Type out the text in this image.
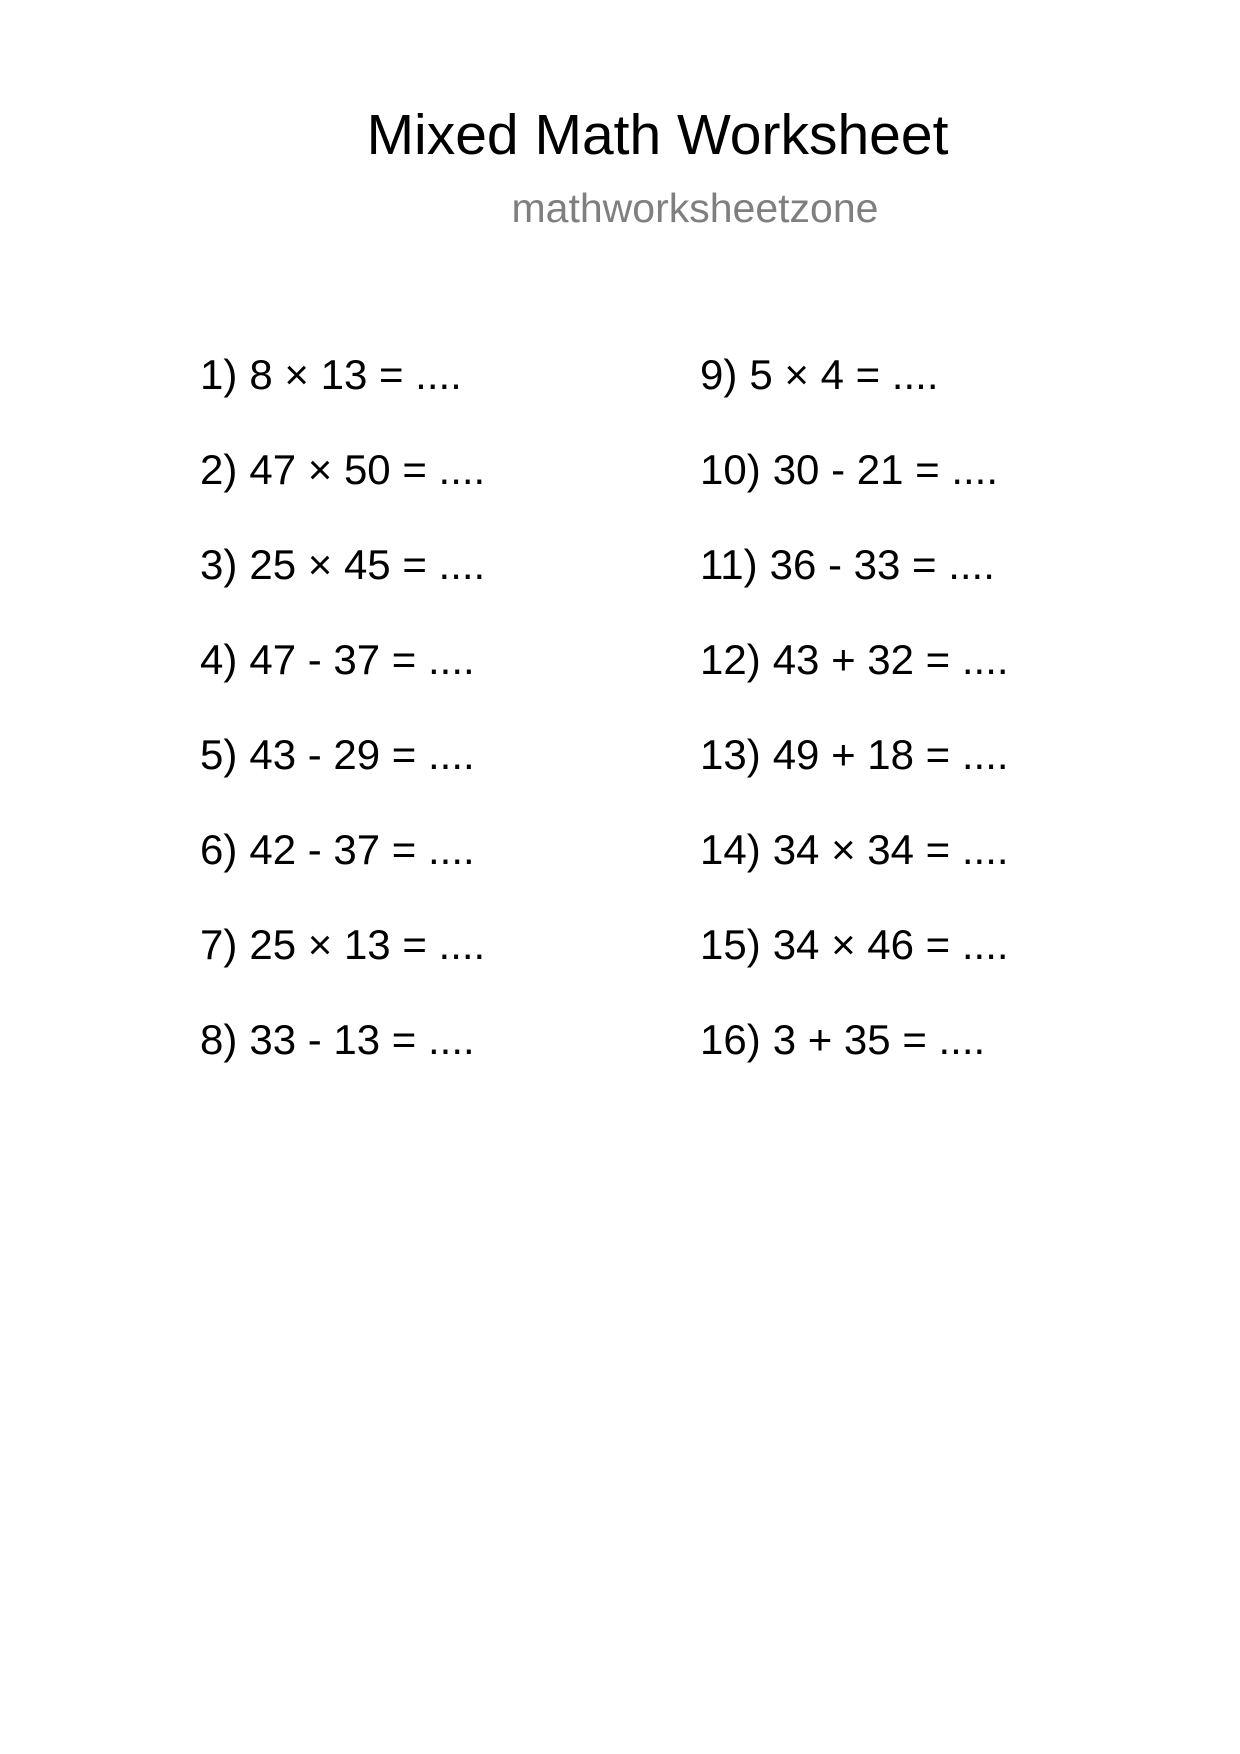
Mixed Math Worksheet
mathworksheetzone
1) 8 × 13 = ....
2) 47 × 50 = ....
3) 25 × 45 = ....
4) 47 - 37 = ....
5) 43 - 29 = ....
6) 42 - 37 = ....
7) 25 × 13 = ....
8) 33 - 13 = ....
9) 5 × 4 = ....
10) 30 - 21 = ....
11) 36 - 33 = ....
12) 43 + 32 = ....
13) 49 + 18 = ....
14) 34 × 34 = ....
15) 34 × 46 = ....
16) 3 + 35 = ....
